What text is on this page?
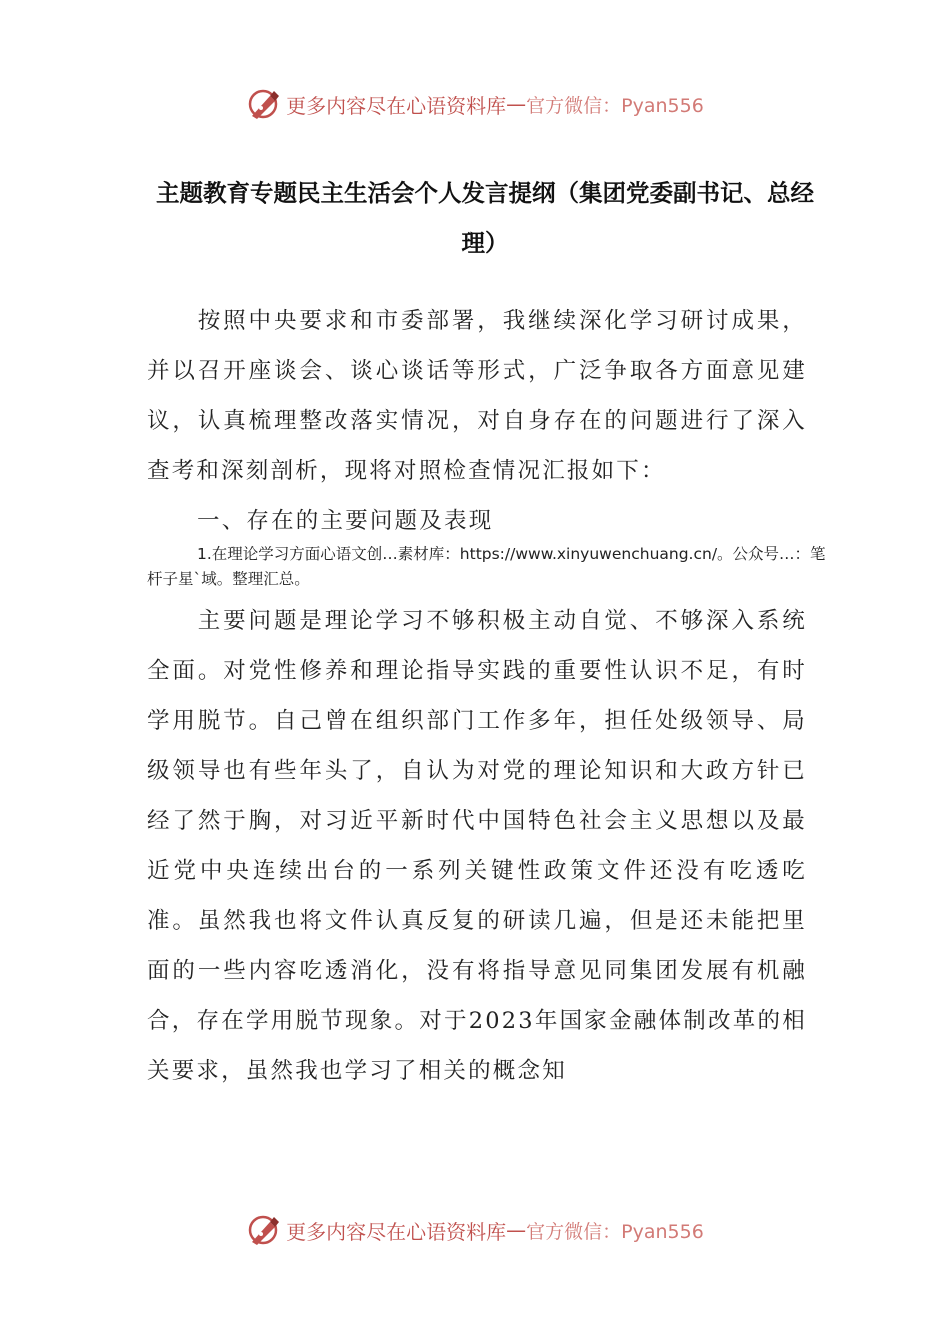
更多内容尽在心语资料库 — 官方微信：Pyan556
主题教育专题民主生活会个人发言提纲（集团党委副书记、总经理）
按照中央要求和市委部署，我继续深化学习研讨成果，并以召开座谈会、谈心谈话等形式，广泛争取各方面意见建议，认真梳理整改落实情况，对自身存在的问题进行了深入查考和深刻剖析，现将对照检查情况汇报如下：
一、存在的主要问题及表现
1.在理论学习方面心语文创…素材库：https://www.xinyuwenchuang.cn/。公众号…：笔杆子星`域。整理汇总。
主要问题是理论学习不够积极主动自觉、不够深入系统全面。对党性修养和理论指导实践的重要性认识不足，有时学用脱节。自己曾在组织部门工作多年，担任处级领导、局级领导也有些年头了，自认为对党的理论知识和大政方针已经了然于胸，对习近平新时代中国特色社会主义思想以及最近党中央连续出台的一系列关键性政策文件还没有吃透吃准。虽然我也将文件认真反复的研读几遍，但是还未能把里面的一些内容吃透消化，没有将指导意见同集团发展有机融合，存在学用脱节现象。对于2023年国家金融体制改革的相关要求，虽然我也学习了相关的概念知
更多内容尽在心语资料库 — 官方微信：Pyan556
